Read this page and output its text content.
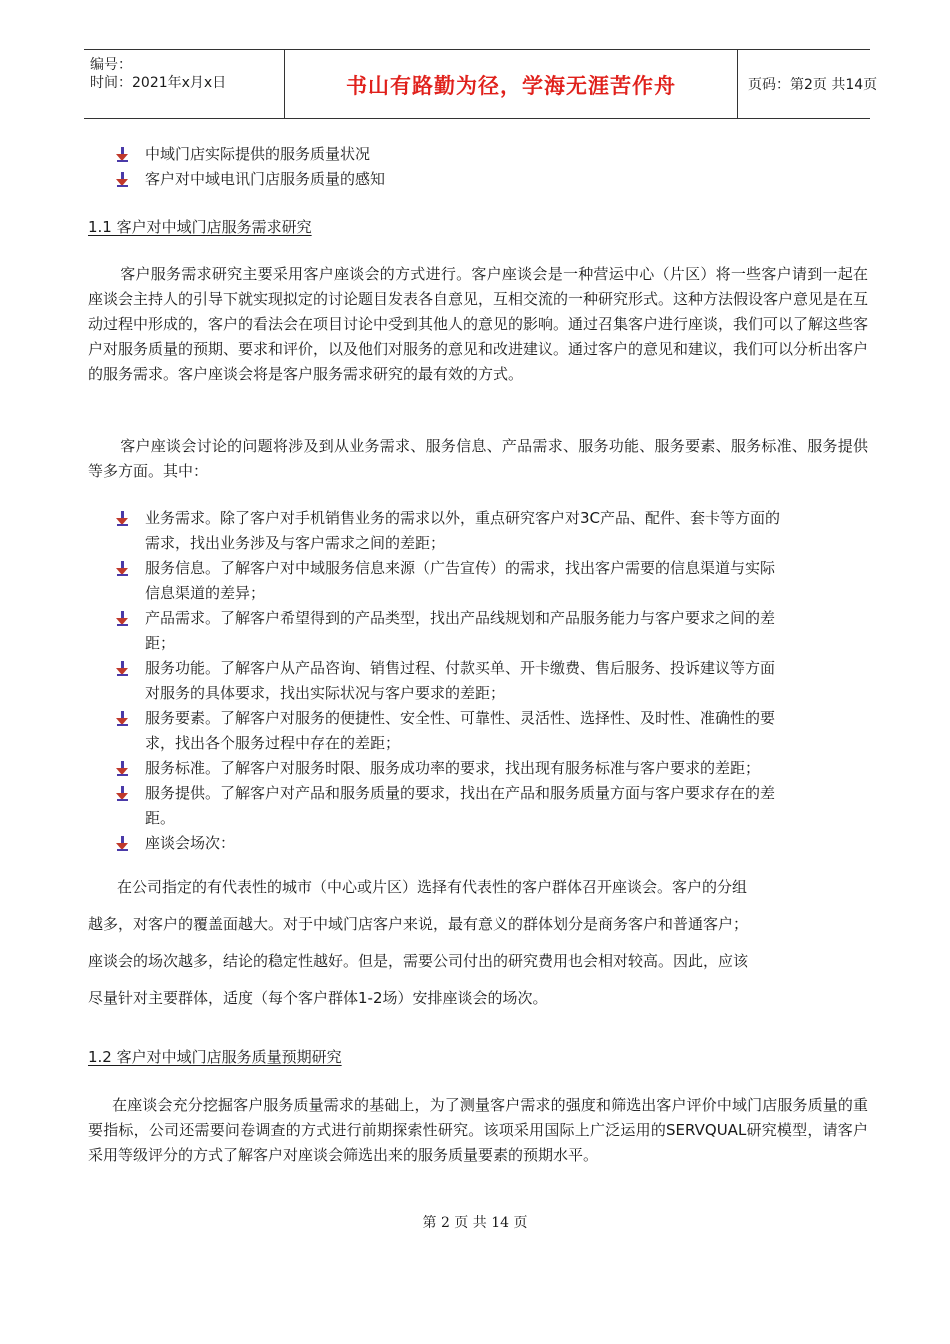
编号：
时间：2021年x月x日	书山有路勤为径，学海无涯苦作舟	页码：第2页 共14页
中域门店实际提供的服务质量状况
客户对中域电讯门店服务质量的感知
1.1 客户对中域门店服务需求研究
客户服务需求研究主要采用客户座谈会的方式进行。客户座谈会是一种营运中心（片区）将一些客户请到一起在座谈会主持人的引导下就实现拟定的讨论题目发表各自意见，互相交流的一种研究形式。这种方法假设客户意见是在互动过程中形成的，客户的看法会在项目讨论中受到其他人的意见的影响。通过召集客户进行座谈，我们可以了解这些客户对服务质量的预期、要求和评价，以及他们对服务的意见和改进建议。通过客户的意见和建议，我们可以分析出客户的服务需求。客户座谈会将是客户服务需求研究的最有效的方式。
客户座谈会讨论的问题将涉及到从业务需求、服务信息、产品需求、服务功能、服务要素、服务标准、服务提供等多方面。其中：
业务需求。除了客户对手机销售业务的需求以外，重点研究客户对3C产品、配件、套卡等方面的
需求，找出业务涉及与客户需求之间的差距；
服务信息。了解客户对中域服务信息来源（广告宣传）的需求，找出客户需要的信息渠道与实际
信息渠道的差异；
产品需求。了解客户希望得到的产品类型，找出产品线规划和产品服务能力与客户要求之间的差
距；
服务功能。了解客户从产品咨询、销售过程、付款买单、开卡缴费、售后服务、投诉建议等方面
对服务的具体要求，找出实际状况与客户要求的差距；
服务要素。了解客户对服务的便捷性、安全性、可靠性、灵活性、选择性、及时性、准确性的要
求，找出各个服务过程中存在的差距；
服务标准。了解客户对服务时限、服务成功率的要求，找出现有服务标准与客户要求的差距；
服务提供。了解客户对产品和服务质量的要求，找出在产品和服务质量方面与客户要求存在的差
距。
座谈会场次：
在公司指定的有代表性的城市（中心或片区）选择有代表性的客户群体召开座谈会。客户的分组
越多，对客户的覆盖面越大。对于中域门店客户来说，最有意义的群体划分是商务客户和普通客户；
座谈会的场次越多，结论的稳定性越好。但是，需要公司付出的研究费用也会相对较高。因此，应该
尽量针对主要群体，适度（每个客户群体1-2场）安排座谈会的场次。
1.2 客户对中域门店服务质量预期研究
在座谈会充分挖掘客户服务质量需求的基础上，为了测量客户需求的强度和筛选出客户评价中域门店服务质量的重要指标，公司还需要问卷调查的方式进行前期探索性研究。该项采用国际上广泛运用的SERVQUAL研究模型，请客户采用等级评分的方式了解客户对座谈会筛选出来的服务质量要素的预期水平。
第 2 页 共 14 页
